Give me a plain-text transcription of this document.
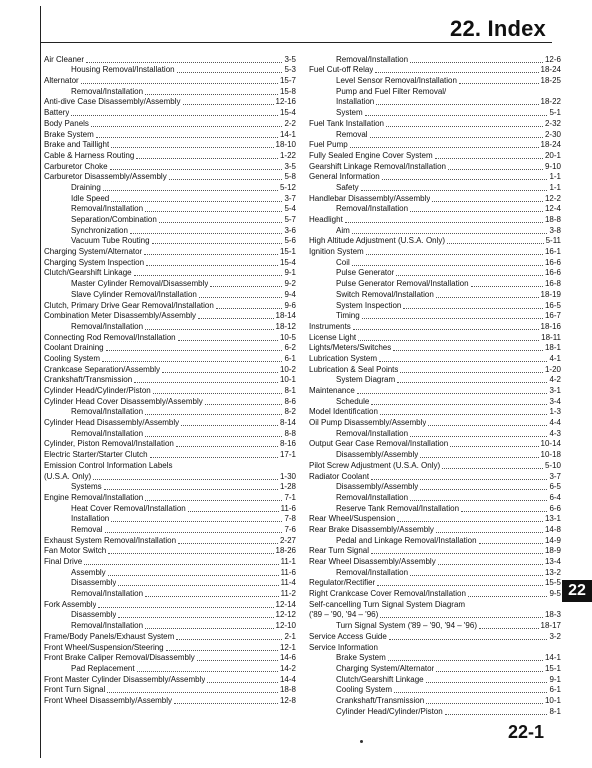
22. Index
Air Cleaner	3-5
Housing Removal/Installation	5-3
Alternator	15-7
Removal/Installation	15-8
Anti-dive Case Disassembly/Assembly	12-16
Battery	15-4
Body Panels	2-2
Brake System	14-1
Brake and Taillight	18-10
Cable & Harness Routing	1-22
Carburetor Choke	3-5
Carburetor Disassembly/Assembly	5-8
Draining	5-12
Idle Speed	3-7
Removal/Installation	5-4
Separation/Combination	5-7
Synchronization	3-6
Vacuum Tube Routing	5-6
Charging System/Alternator	15-1
Charging System Inspection	15-4
Clutch/Gearshift Linkage	9-1
Master Cylinder Removal/Disassembly	9-2
Slave Cylinder Removal/Installation	9-4
Clutch, Primary Drive Gear Removal/Installation	9-6
Combination Meter Disassembly/Assembly	18-14
Removal/Installation	18-12
Connecting Rod Removal/Installation	10-5
Coolant Draining	6-2
Cooling System	6-1
Crankcase Separation/Assembly	10-2
Crankshaft/Transmission	10-1
Cylinder Head/Cylinder/Piston	8-1
Cylinder Head Cover Disassembly/Assembly	8-6
Removal/Installation	8-2
Cylinder Head Disassembly/Assembly	8-14
Removal/Installation	8-8
Cylinder, Piston Removal/Installation	8-16
Electric Starter/Starter Clutch	17-1
Emission Control Information Labels
(U.S.A. Only)	1-30
Systems	1-28
Engine Removal/Installation	7-1
Heat Cover Removal/Installation	11-6
Installation	7-8
Removal	7-6
Exhaust System Removal/Installation	2-27
Fan Motor Switch	18-26
Final Drive	11-1
Assembly	11-6
Disassembly	11-4
Removal/Installation	11-2
Fork Assembly	12-14
Disassembly	12-12
Removal/Installation	12-10
Frame/Body Panels/Exhaust System	2-1
Front Wheel/Suspension/Steering	12-1
Front Brake Caliper Removal/Disassembly	14-6
Pad Replacement	14-2
Front Master Cylinder Disassembly/Assembly	14-4
Front Turn Signal	18-8
Front Wheel Disassembly/Assembly	12-8
Removal/Installation	12-6
Fuel Cut-off Relay	18-24
Level Sensor Removal/Installation	18-25
Pump and Fuel Filter Removal/
Installation	18-22
System	5-1
Fuel Tank Installation	2-32
Removal	2-30
Fuel Pump	18-24
Fully Sealed Engine Cover System	20-1
Gearshift Linkage Removal/Installation	9-10
General Information	1-1
Safety	1-1
Handlebar Disassembly/Assembly	12-2
Removal/Installation	12-4
Headlight	18-8
Aim	3-8
High Altitude Adjustment (U.S.A. Only)	5-11
Ignition System	16-1
Coil	16-6
Pulse Generator	16-6
Pulse Generator Removal/Installation	16-8
Switch Removal/Installation	18-19
System Inspection	16-5
Timing	16-7
Instruments	18-16
License Light	18-11
Lights/Meters/Switches	18-1
Lubrication System	4-1
Lubrication & Seal Points	1-20
System Diagram	4-2
Maintenance	3-1
Schedule	3-4
Model Identification	1-3
Oil Pump Disassembly/Assembly	4-4
Removal/Installation	4-3
Output Gear Case Removal/Installation	10-14
Disassembly/Assembly	10-18
Pilot Screw Adjustment (U.S.A. Only)	5-10
Radiator Coolant	3-7
Disassembly/Assembly	6-5
Removal/Installation	6-4
Reserve Tank Removal/Installation	6-6
Rear Wheel/Suspension	13-1
Rear Brake Disassembly/Assembly	14-8
Pedal and Linkage Removal/Installation	14-9
Rear Turn Signal	18-9
Rear Wheel Disassembly/Assembly	13-4
Removal/Installation	13-2
Regulator/Rectifier	15-5
Right Crankcase Cover Removal/Installation	9-5
Self-cancelling Turn Signal System Diagram
('89 – '90, '94 – '96)	18-3
Turn Signal System ('89 – '90, '94 – '96)	18-17
Service Access Guide	3-2
Service Information
Brake System	14-1
Charging System/Alternator	15-1
Clutch/Gearshift Linkage	9-1
Cooling System	6-1
Crankshaft/Transmission	10-1
Cylinder Head/Cylinder/Piston	8-1
22
22-1
